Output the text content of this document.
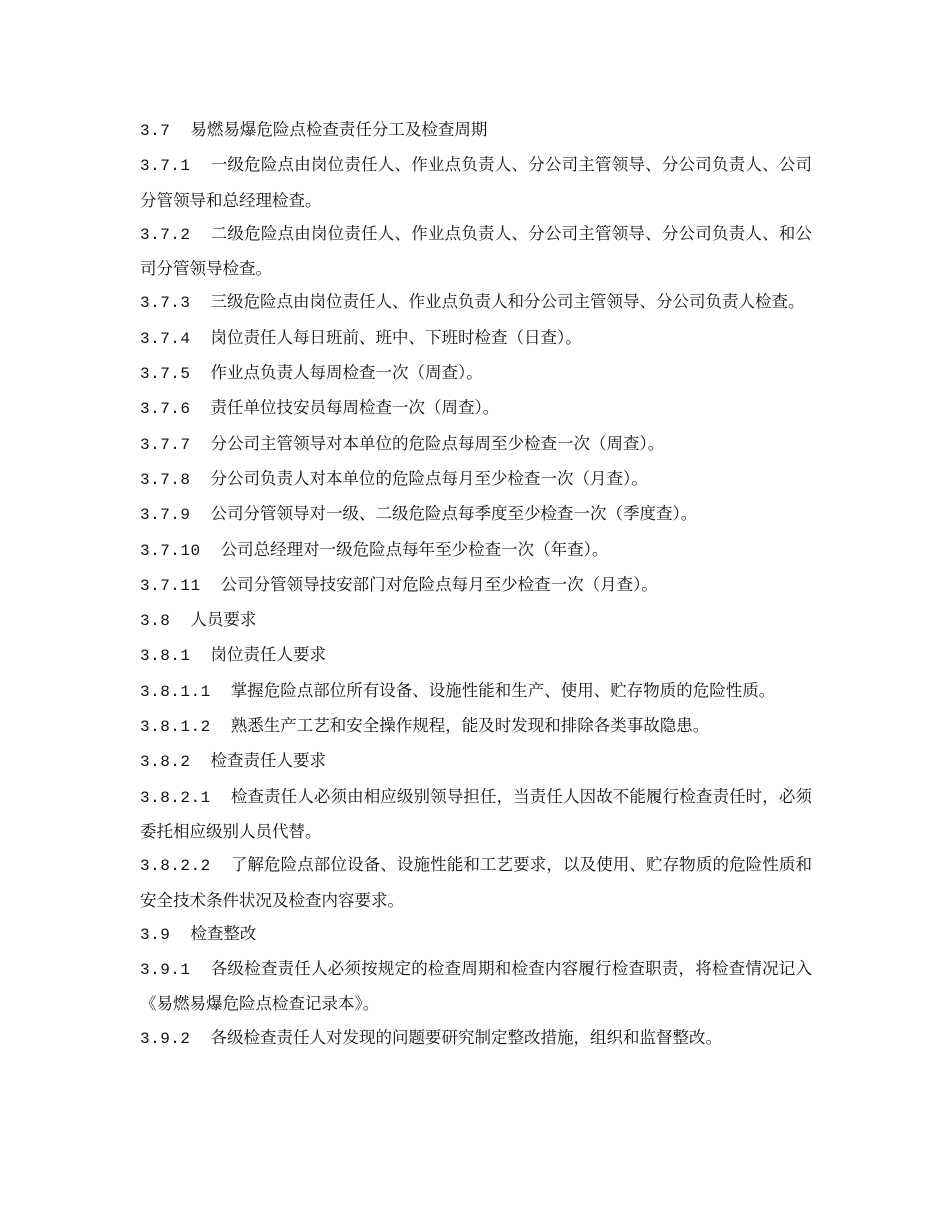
3.7 易燃易爆危险点检查责任分工及检查周期
3.7.1 一级危险点由岗位责任人、作业点负责人、分公司主管领导、分公司负责人、公司分管领导和总经理检查。
3.7.2 二级危险点由岗位责任人、作业点负责人、分公司主管领导、分公司负责人、和公司分管领导检查。
3.7.3 三级危险点由岗位责任人、作业点负责人和分公司主管领导、分公司负责人检查。
3.7.4 岗位责任人每日班前、班中、下班时检查（日查）。
3.7.5 作业点负责人每周检查一次（周查）。
3.7.6 责任单位技安员每周检查一次（周查）。
3.7.7 分公司主管领导对本单位的危险点每周至少检查一次（周查）。
3.7.8 分公司负责人对本单位的危险点每月至少检查一次（月查）。
3.7.9 公司分管领导对一级、二级危险点每季度至少检查一次（季度查）。
3.7.10 公司总经理对一级危险点每年至少检查一次（年查）。
3.7.11 公司分管领导技安部门对危险点每月至少检查一次（月查）。
3.8 人员要求
3.8.1 岗位责任人要求
3.8.1.1 掌握危险点部位所有设备、设施性能和生产、使用、贮存物质的危险性质。
3.8.1.2 熟悉生产工艺和安全操作规程，能及时发现和排除各类事故隐患。
3.8.2 检查责任人要求
3.8.2.1 检查责任人必须由相应级别领导担任，当责任人因故不能履行检查责任时，必须委托相应级别人员代替。
3.8.2.2 了解危险点部位设备、设施性能和工艺要求，以及使用、贮存物质的危险性质和安全技术条件状况及检查内容要求。
3.9 检查整改
3.9.1 各级检查责任人必须按规定的检查周期和检查内容履行检查职责，将检查情况记入《易燃易爆危险点检查记录本》。
3.9.2 各级检查责任人对发现的问题要研究制定整改措施，组织和监督整改。
